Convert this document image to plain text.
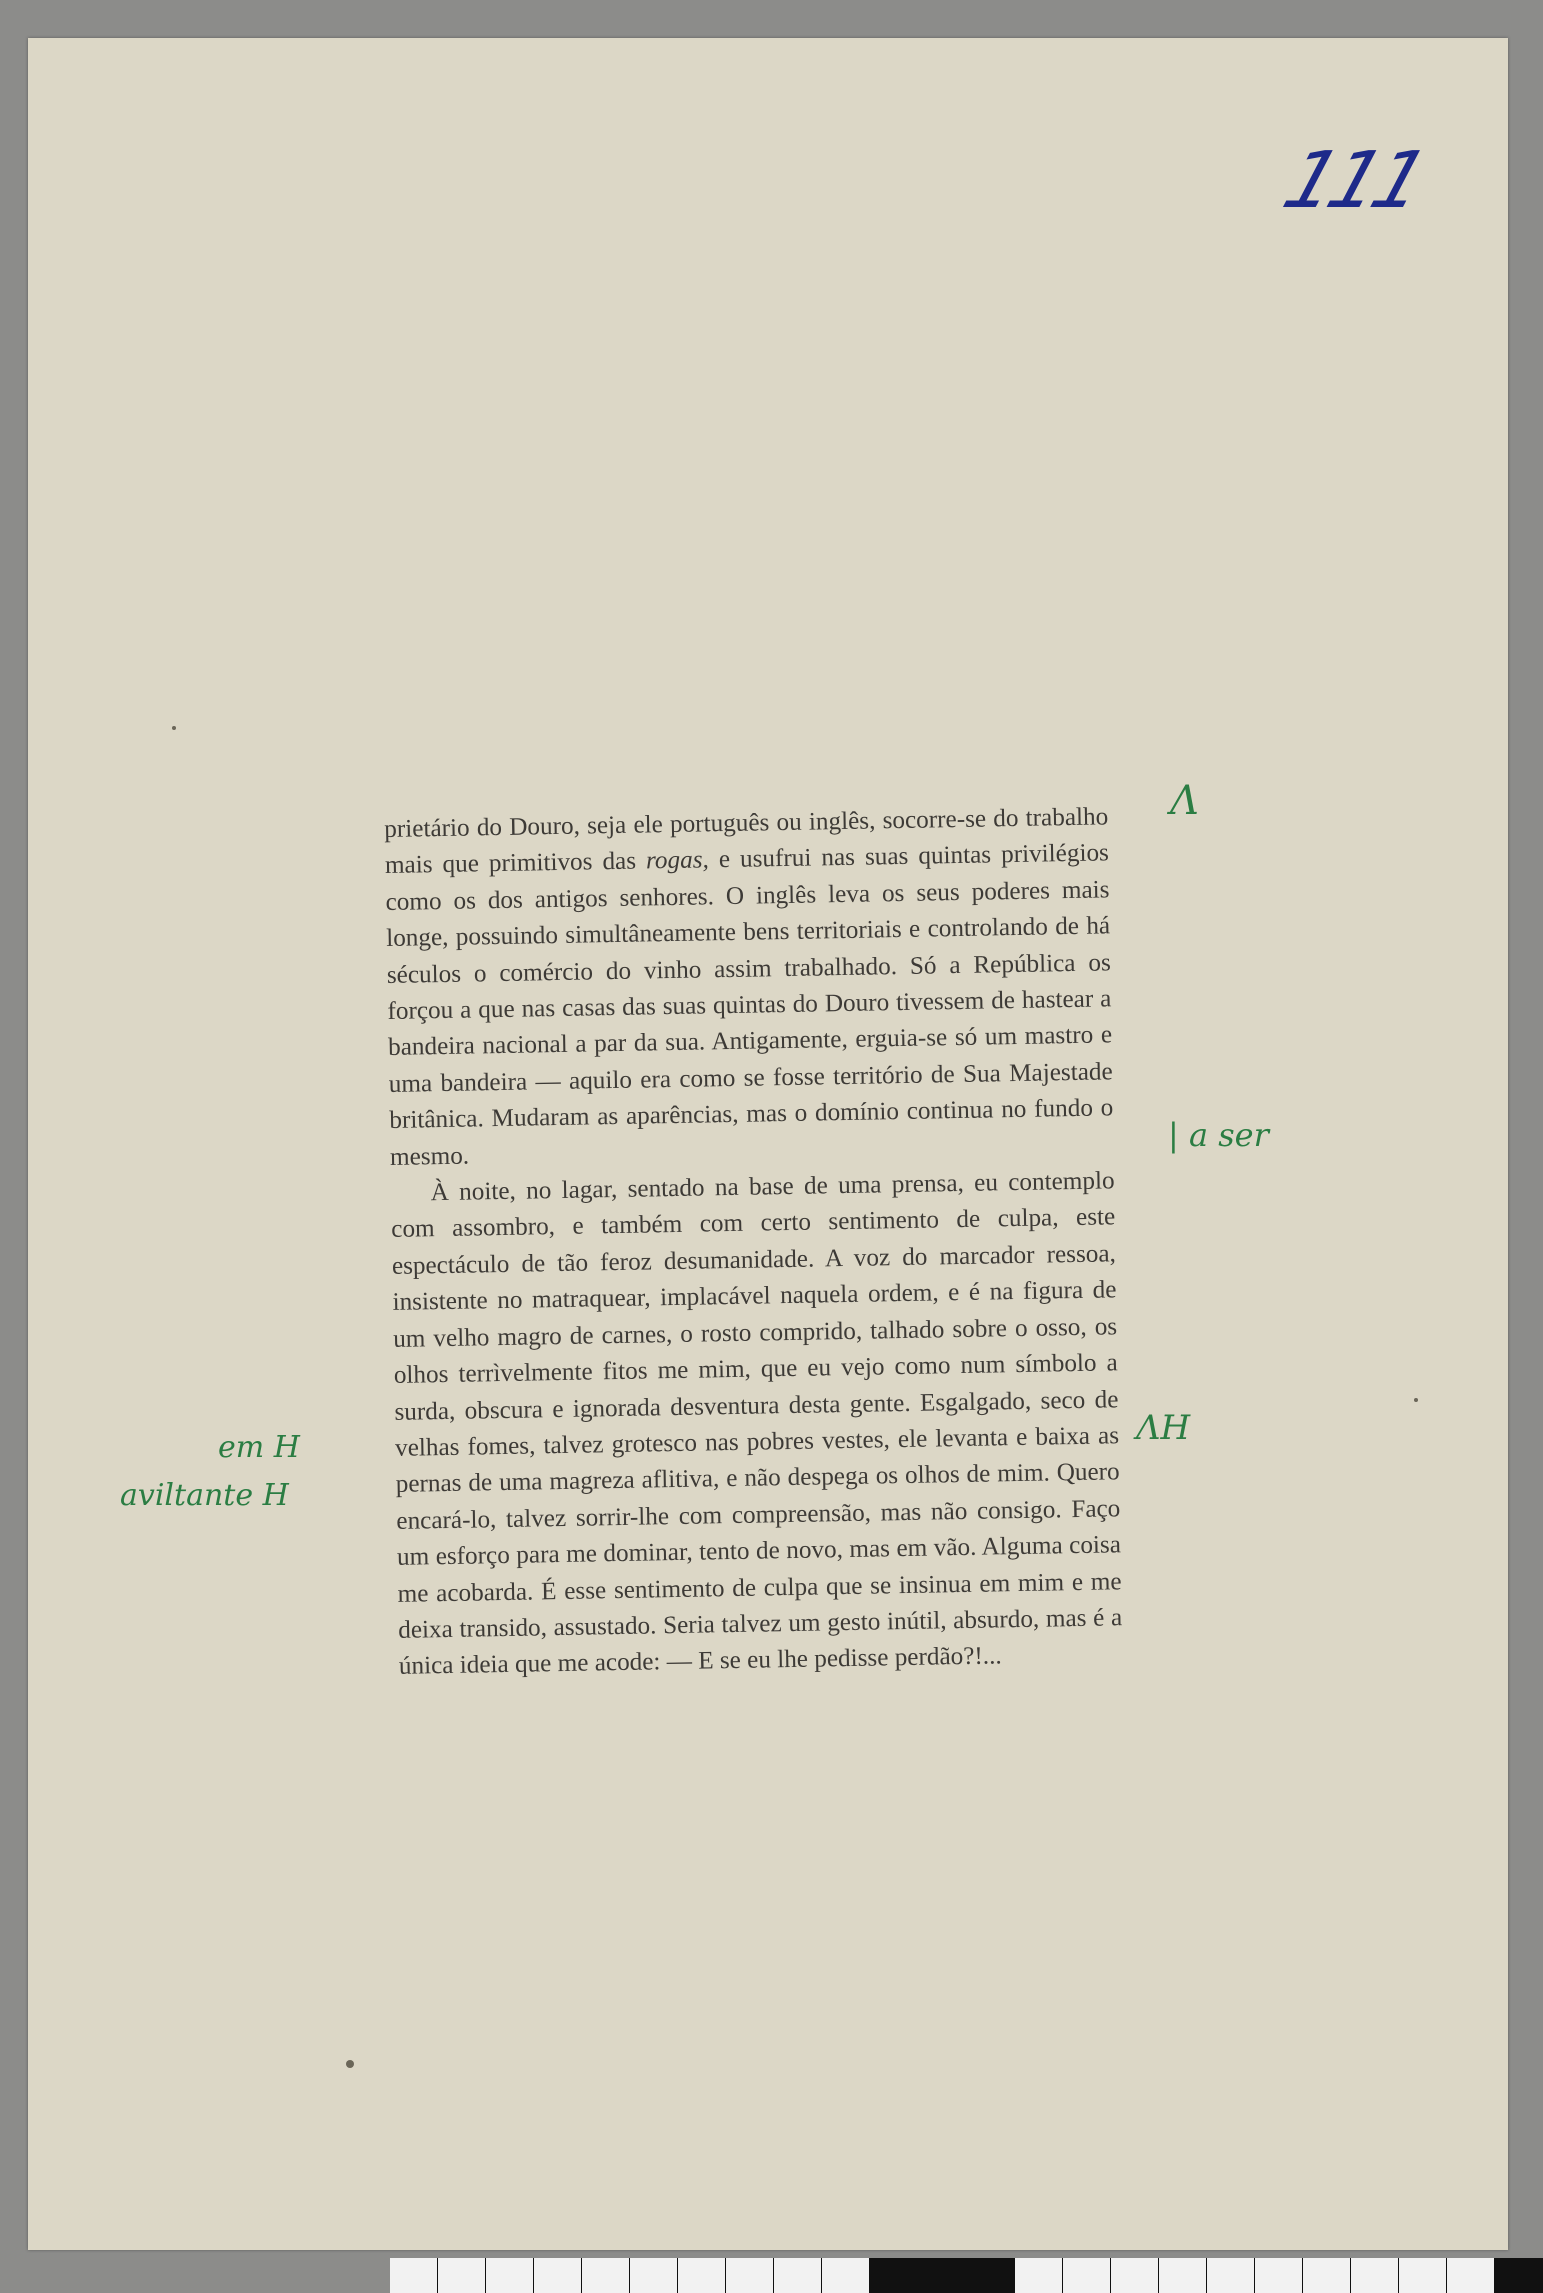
111

prietário do Douro, seja ele português ou inglês, socorre-se do trabalho mais que primitivos das rogas, e usufrui nas suas quintas privilégios como os dos antigos senhores. O inglês leva os seus poderes mais longe, possuindo simultâneamente bens territoriais e controlando de há séculos o comércio do vinho assim trabalhado. Só a República os forçou a que nas casas das suas quintas do Douro tivessem de hastear a bandeira nacional a par da sua. Antigamente, erguia-se só um mastro e uma bandeira — aquilo era como se fosse território de Sua Majestade britânica. Mudaram as aparências, mas o domínio continua no fundo o mesmo.

À noite, no lagar, sentado na base de uma prensa, eu contemplo com assombro, e também com certo sentimento de culpa, este espectáculo de tão feroz desumanidade. A voz do marcador ressoa, insistente no matraquear, implacável naquela ordem, e é na figura de um velho magro de carnes, o rosto comprido, talhado sobre o osso, os olhos terrìvelmente fitos me mim, que eu vejo como num símbolo a surda, obscura e ignorada desventura desta gente. Esgalgado, seco de velhas fomes, talvez grotesco nas pobres vestes, ele levanta e baixa as pernas de uma magreza aflitiva, e não despega os olhos de mim. Quero encará-lo, talvez sorrir-lhe com compreensão, mas não consigo. Faço um esforço para me dominar, tento de novo, mas em vão. Alguma coisa me acobarda. É esse sentimento de culpa que se insinua em mim e me deixa transido, assustado. Seria talvez um gesto inútil, absurdo, mas é a única ideia que me acode: — E se eu lhe pedisse perdão?!...

Λ
| a ser
ΛH
em H
aviltante H
